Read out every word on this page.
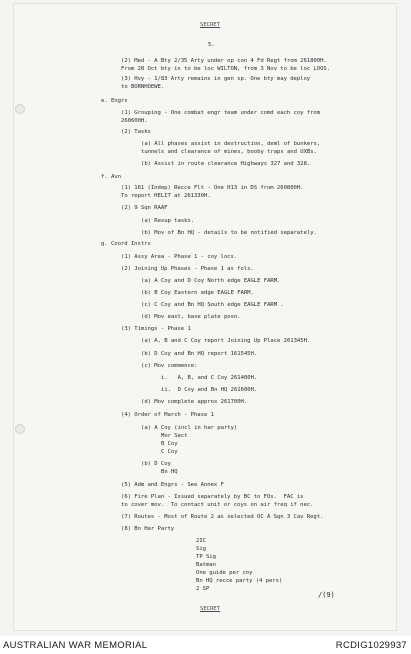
SECRET
5.
(2) Med - A Bty 2/35 Arty under op con 4 Fd Regt from 261800H.
From 28 Oct bty is to be loc WILTON, from 3 Nov to be loc LOOS.
(3) Hvy - 1/83 Arty remains in gen sp. One bty may deploy
to BORNHOEWE.
e. Engrs
(1) Grouping - One combat engr team under comd each coy from
260600H.
(2) Tasks
(a) All phases assist in destruction, deml of bunkers,
tunnels and clearance of mines, booby traps and UXBs.
(b) Assist in route clearance Highways 327 and 328.
f. Avn
(1) 161 (Indep) Recce Flt - One H13 in DS from 260800H.
To report HELIT at 261330H.
(2) 9 Sqn RAAF
(a) Resup tasks.
(b) Mov of Bn HQ - details to be notified separately.
g. Coord Instrs
(1) Assy Area - Phase 1 - coy locs.
(2) Joining Up Phases - Phase 1 as fols.
(a) A Coy and D Coy North edge EAGLE FARM.
(b) B Coy Eastern edge EAGLE FARM.
(c) C Coy and Bn HQ South edge EAGLE FARM .
(d) Mov east, base plate posn.
(3) Timings - Phase 1
(a) A, B and C Coy report Joining Up Place 261345H.
(b) D Coy and Bn HQ report 161545H.
(c) Mov commence:
i.   A, B, and C Coy 261400H.
ii.  D Coy and Bn HQ 261600H.
(d) Mov complete approx 261700H.
(4) Order of March - Phase 1
(a) A Coy (incl in har party)
Mor Sect
B Coy
C Coy
(b) D Coy
Bn HQ
(5) Adm and Engrs - See Annex F
(6) Fire Plan - Issued separately by BC to FOs.  FAC is
to cover mov.  To contact unit or coys on air freq if nec.
(7) Routes - Most of Route 2 as selected OC A Sqn 3 Cav Regt.
(8) Bn Har Party
2IC
Sig
TP Sig
Batman
One guide per coy
Bn HQ recce party (4 pers)
2 SP
/(9)
SECRET
AUSTRALIAN WAR MEMORIAL	RCDIG1029937
